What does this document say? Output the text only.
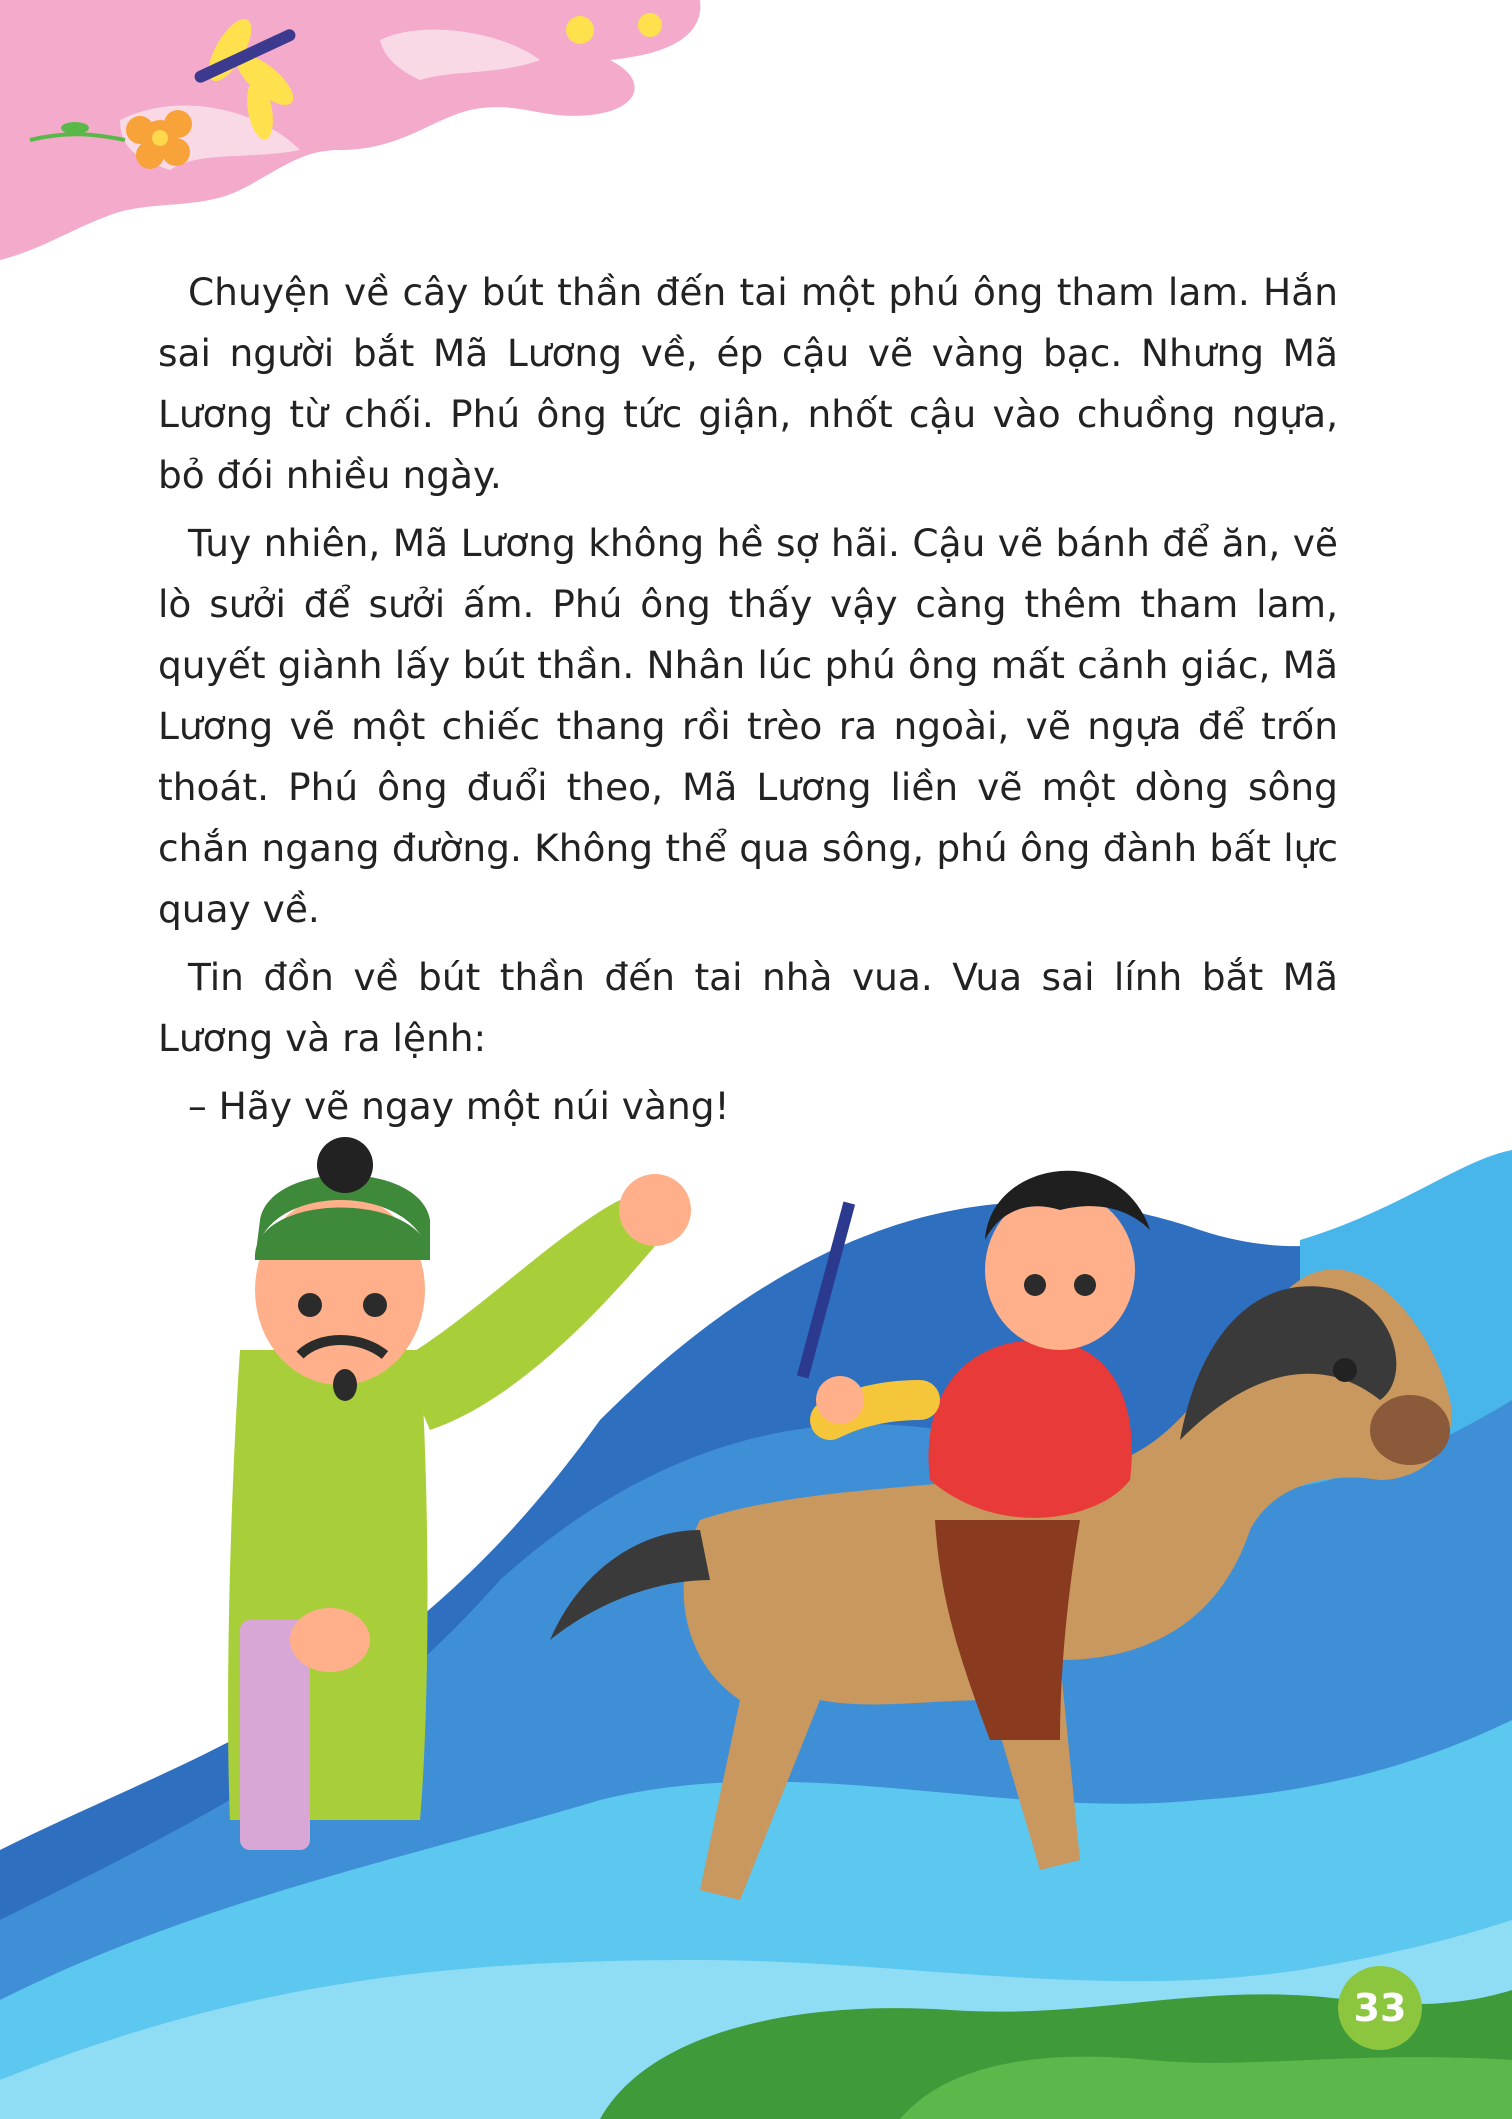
Chuyện về cây bút thần đến tai một phú ông tham lam. Hắn sai người bắt Mã Lương về, ép cậu vẽ vàng bạc. Nhưng Mã Lương từ chối. Phú ông tức giận, nhốt cậu vào chuồng ngựa, bỏ đói nhiều ngày.

Tuy nhiên, Mã Lương không hề sợ hãi. Cậu vẽ bánh để ăn, vẽ lò sưởi để sưởi ấm. Phú ông thấy vậy càng thêm tham lam, quyết giành lấy bút thần. Nhân lúc phú ông mất cảnh giác, Mã Lương vẽ một chiếc thang rồi trèo ra ngoài, vẽ ngựa để trốn thoát. Phú ông đuổi theo, Mã Lương liền vẽ một dòng sông chắn ngang đường. Không thể qua sông, phú ông đành bất lực quay về.

Tin đồn về bút thần đến tai nhà vua. Vua sai lính bắt Mã Lương và ra lệnh:

– Hãy vẽ ngay một núi vàng!

33
